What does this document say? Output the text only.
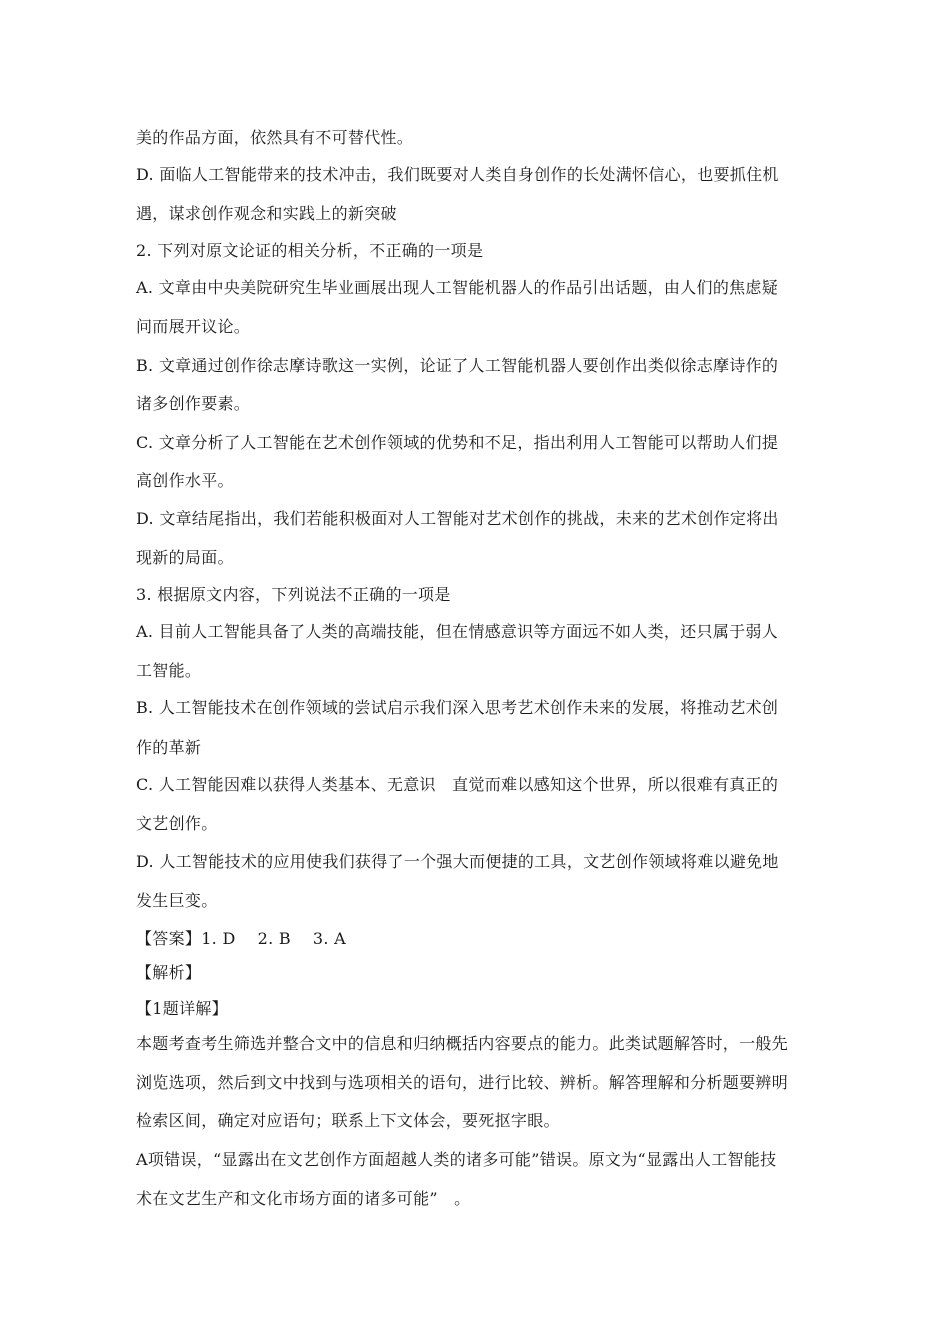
美的作品方面，依然具有不可替代性。
D. 面临人工智能带来的技术冲击，我们既要对人类自身创作的长处满怀信心，也要抓住机
遇，谋求创作观念和实践上的新突破
2. 下列对原文论证的相关分析，不正确的一项是
A. 文章由中央美院研究生毕业画展出现人工智能机器人的作品引出话题，由人们的焦虑疑
问而展开议论。
B. 文章通过创作徐志摩诗歌这一实例，论证了人工智能机器人要创作出类似徐志摩诗作的
诸多创作要素。
C. 文章分析了人工智能在艺术创作领域的优势和不足，指出利用人工智能可以帮助人们提
高创作水平。
D. 文章结尾指出，我们若能积极面对人工智能对艺术创作的挑战，未来的艺术创作定将出
现新的局面。
3. 根据原文内容，下列说法不正确的一项是
A. 目前人工智能具备了人类的高端技能，但在情感意识等方面远不如人类，还只属于弱人
工智能。
B. 人工智能技术在创作领域的尝试启示我们深入思考艺术创作未来的发展，将推动艺术创
作的革新
C. 人工智能因难以获得人类基本、无意识　直觉而难以感知这个世界，所以很难有真正的
文艺创作。
D. 人工智能技术的应用使我们获得了一个强大而便捷的工具，文艺创作领域将难以避免地
发生巨变。
【答案】1. D 2. B 3. A
【解析】
【1题详解】
本题考查考生筛选并整合文中的信息和归纳概括内容要点的能力。此类试题解答时，一般先
浏览选项，然后到文中找到与选项相关的语句，进行比较、辨析。解答理解和分析题要辨明
检索区间，确定对应语句；联系上下文体会，要死抠字眼。
A项错误，“显露出在文艺创作方面超越人类的诸多可能”错误。原文为“显露出人工智能技
术在文艺生产和文化市场方面的诸多可能”　。
